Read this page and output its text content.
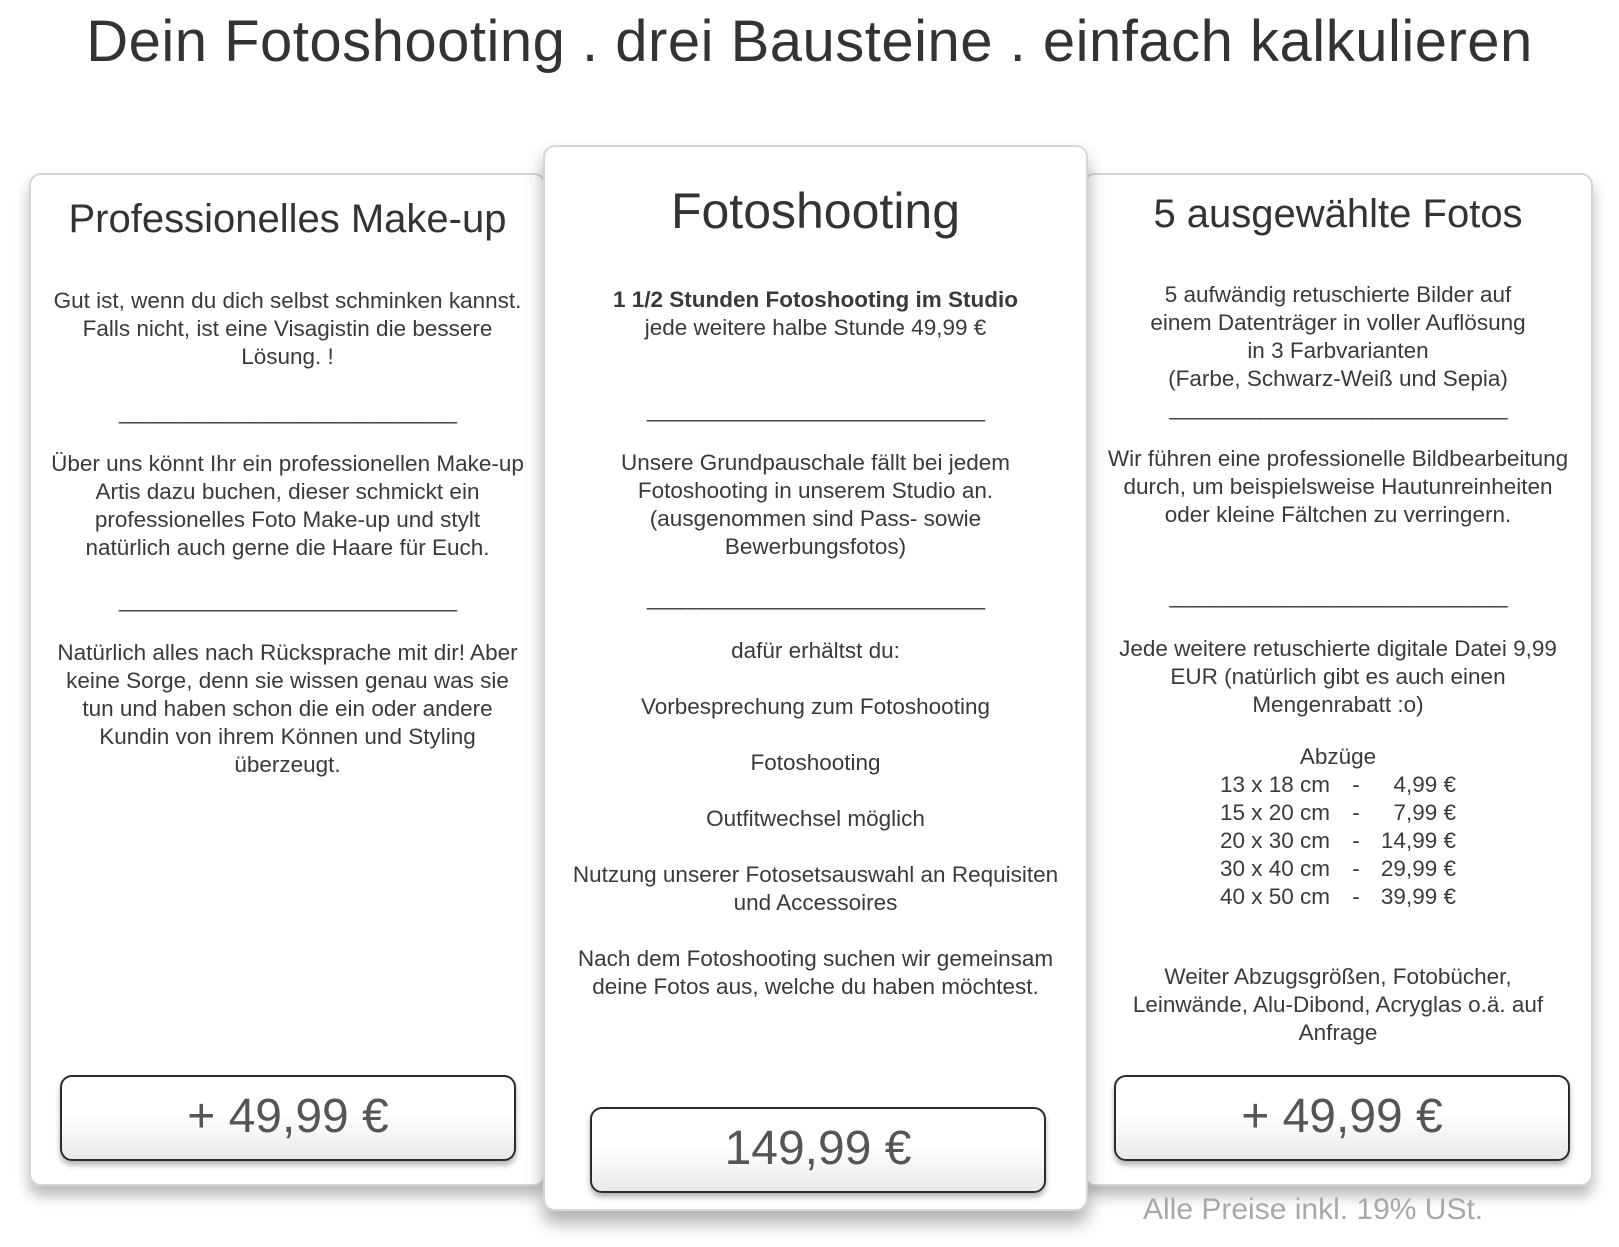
Dein Fotoshooting . drei Bausteine . einfach kalkulieren
Professionelles Make-up
Gut ist, wenn du dich selbst schminken kannst. Falls nicht, ist eine Visagistin die bessere Lösung. !
______________________________
Über uns könnt Ihr ein professionellen Make-up Artis dazu buchen, dieser schmickt ein professionelles Foto Make-up und stylt natürlich auch gerne die Haare für Euch.
______________________________
Natürlich alles nach Rücksprache mit dir! Aber keine Sorge, denn sie wissen genau was sie tun und haben schon die ein oder andere Kundin von ihrem Können und Styling überzeugt.
+ 49,99 €
Fotoshooting

1 1/2 Stunden Fotoshooting im Studio

jede weitere halbe Stunde 49,99 €

______________________________
Unsere Grundpauschale fällt bei jedem Fotoshooting in unserem Studio an. (ausgenommen sind Pass- sowie Bewerbungsfotos)
______________________________

dafür erhältst du:

Vorbesprechung zum Fotoshooting

Fotoshooting

Outfitwechsel möglich

Nutzung unserer Fotosetsauswahl an Requisiten und Accessoires

Nach dem Fotoshooting suchen wir gemeinsam deine Fotos aus, welche du haben möchtest.

149,99 €
5 ausgewählte Fotos

5 aufwändig retuschierte Bilder auf

einem Datenträger in voller Auflösung

in 3 Farbvarianten

(Farbe, Schwarz-Weiß und Sepia)

______________________________
Wir führen eine professionelle Bildbearbeitung durch, um beispielsweise Hautunreinheiten oder kleine Fältchen zu verringern.
______________________________
Jede weitere retuschierte digitale Datei 9,99 EUR (natürlich gibt es auch einen Mengenrabatt :o)

Abzüge

13 x 18 cm -	4,99 €
15 x 20 cm -	7,99 €
20 x 30 cm - 14,99 €
30 x 40 cm - 29,99 €
40 x 50 cm - 39,99 €
Weiter Abzugsgrößen, Fotobücher, Leinwände, Alu-Dibond, Acryglas o.ä. auf Anfrage
+ 49,99 €
Alle Preise inkl. 19% USt.
